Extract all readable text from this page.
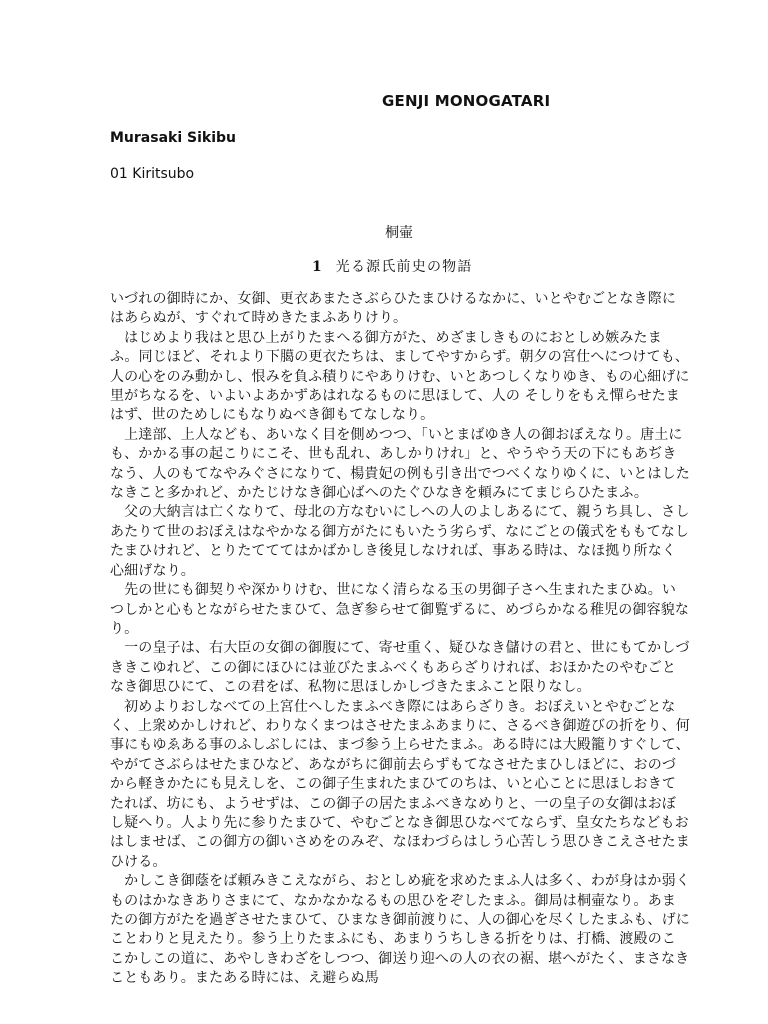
GENJI MONOGATARI
Murasaki Sikibu
01 Kiritsubo
桐壷
1 光る源氏前史の物語

いづれの御時にか、女御、更衣あまたさぶらひたまひけるなかに、いとやむごとなき際にはあらぬが、すぐれて時めきたまふありけり。

　はじめより我はと思ひ上がりたまへる御方がた、めざましきものにおとしめ嫉みたまふ。同じほど、それより下臈の更衣たちは、ましてやすからず。朝夕の宮仕へにつけても、人の心をのみ動かし、恨みを負ふ積りにやありけむ、いとあつしくなりゆき、もの心細げに里がちなるを、いよいよあかずあはれなるものに思ほして、人の そしりをもえ憚らせたまはず、世のためしにもなりぬべき御もてなしなり。

　上達部、上人なども、あいなく目を側めつつ、「いとまばゆき人の御おぼえなり。唐土にも、かかる事の起こりにこそ、世も乱れ、あしかりけれ」と、やうやう天の下にもあぢきなう、人のもてなやみぐさになりて、楊貴妃の例も引き出でつべくなりゆくに、いとはしたなきこと多かれど、かたじけなき御心ばへのたぐひなきを頼みにてまじらひたまふ。

　父の大納言は亡くなりて、母北の方なむいにしへの人のよしあるにて、親うち具し、さしあたりて世のおぼえはなやかなる御方がたにもいたう劣らず、なにごとの儀式をももてなしたまひけれど、とりたてててはかばかしき後見しなければ、事ある時は、なほ拠り所なく心細げなり。

　先の世にも御契りや深かりけむ、世になく清らなる玉の男御子さへ生まれたまひぬ。いつしかと心もとながらせたまひて、急ぎ参らせて御覧ずるに、めづらかなる稚児の御容貌なり。

　一の皇子は、右大臣の女御の御腹にて、寄せ重く、疑ひなき儲けの君と、世にもてかしづききこゆれど、この御にほひには並びたまふべくもあらざりければ、おほかたのやむごとなき御思ひにて、この君をば、私物に思ほしかしづきたまふこと限りなし。

　初めよりおしなべての上宮仕へしたまふべき際にはあらざりき。おぼえいとやむごとなく、上衆めかしけれど、わりなくまつはさせたまふあまりに、さるべき御遊びの折をり、何事にもゆゑある事のふしぶしには、まづ参う上らせたまふ。ある時には大殿籠りすぐして、やがてさぶらはせたまひなど、あながちに御前去らずもてなさせたまひしほどに、おのづから軽きかたにも見えしを、この御子生まれたまひてのちは、いと心ことに思ほしおきてたれば、坊にも、ようせずは、この御子の居たまふべきなめりと、一の皇子の女御はおぼし疑へり。人より先に参りたまひて、やむごとなき御思ひなべてならず、皇女たちなどもおはしませば、この御方の御いさめをのみぞ、なほわづらはしう心苦しう思ひきこえさせたまひける。

　かしこき御蔭をば頼みきこえながら、おとしめ疵を求めたまふ人は多く、わが身はか弱くものはかなきありさまにて、なかなかなるもの思ひをぞしたまふ。御局は桐壷なり。あまたの御方がたを過ぎさせたまひて、ひまなき御前渡りに、人の御心を尽くしたまふも、げにことわりと見えたり。参う上りたまふにも、あまりうちしきる折をりは、打橋、渡殿のここかしこの道に、あやしきわざをしつつ、御送り迎への人の衣の裾、堪へがたく、まさなきこともあり。またある時には、え避らぬ馬
